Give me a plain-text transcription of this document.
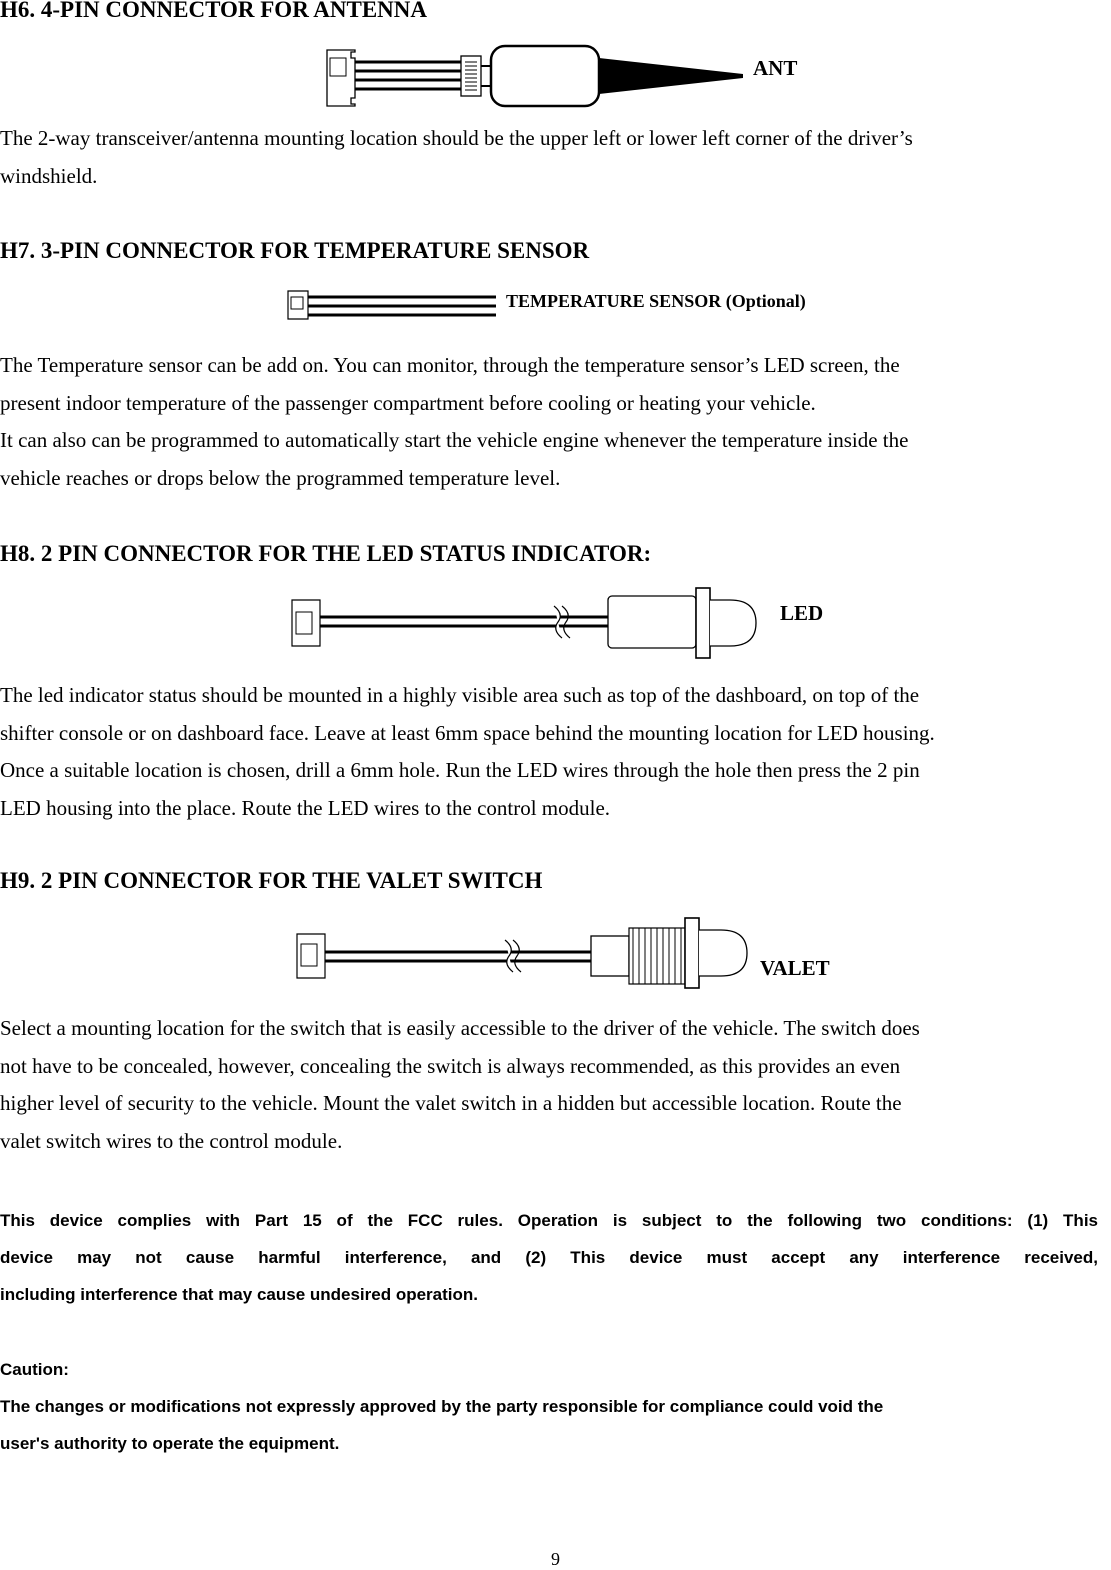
H6. 4-PIN CONNECTOR FOR ANTENNA
ANT
The 2-way transceiver/antenna mounting location should be the upper left or lower left corner of the driver’s
windshield.
H7. 3-PIN CONNECTOR FOR TEMPERATURE SENSOR
TEMPERATURE SENSOR (Optional)
The Temperature sensor can be add on. You can monitor, through the temperature sensor’s LED screen, the
present indoor temperature of the passenger compartment before cooling or heating your vehicle.
It can also can be programmed to automatically start the vehicle engine whenever the temperature inside the
vehicle reaches or drops below the programmed temperature level.
H8. 2 PIN CONNECTOR FOR THE LED STATUS INDICATOR:
LED
The led indicator status should be mounted in a highly visible area such as top of the dashboard, on top of the
shifter console or on dashboard face. Leave at least 6mm space behind the mounting location for LED housing.
Once a suitable location is chosen, drill a 6mm hole. Run the LED wires through the hole then press the 2 pin
LED housing into the place. Route the LED wires to the control module.
H9. 2 PIN CONNECTOR FOR THE VALET SWITCH
VALET
Select a mounting location for the switch that is easily accessible to the driver of the vehicle. The switch does
not have to be concealed, however, concealing the switch is always recommended, as this provides an even
higher level of security to the vehicle. Mount the valet switch in a hidden but accessible location. Route the
valet switch wires to the control module.
This device complies with Part 15 of the FCC rules. Operation is subject to the following two conditions: (1) This
device may not cause harmful interference, and (2) This device must accept any interference received,
including interference that may cause undesired operation.
Caution:
The changes or modifications not expressly approved by the party responsible for compliance could void the
user's authority to operate the equipment.
9
